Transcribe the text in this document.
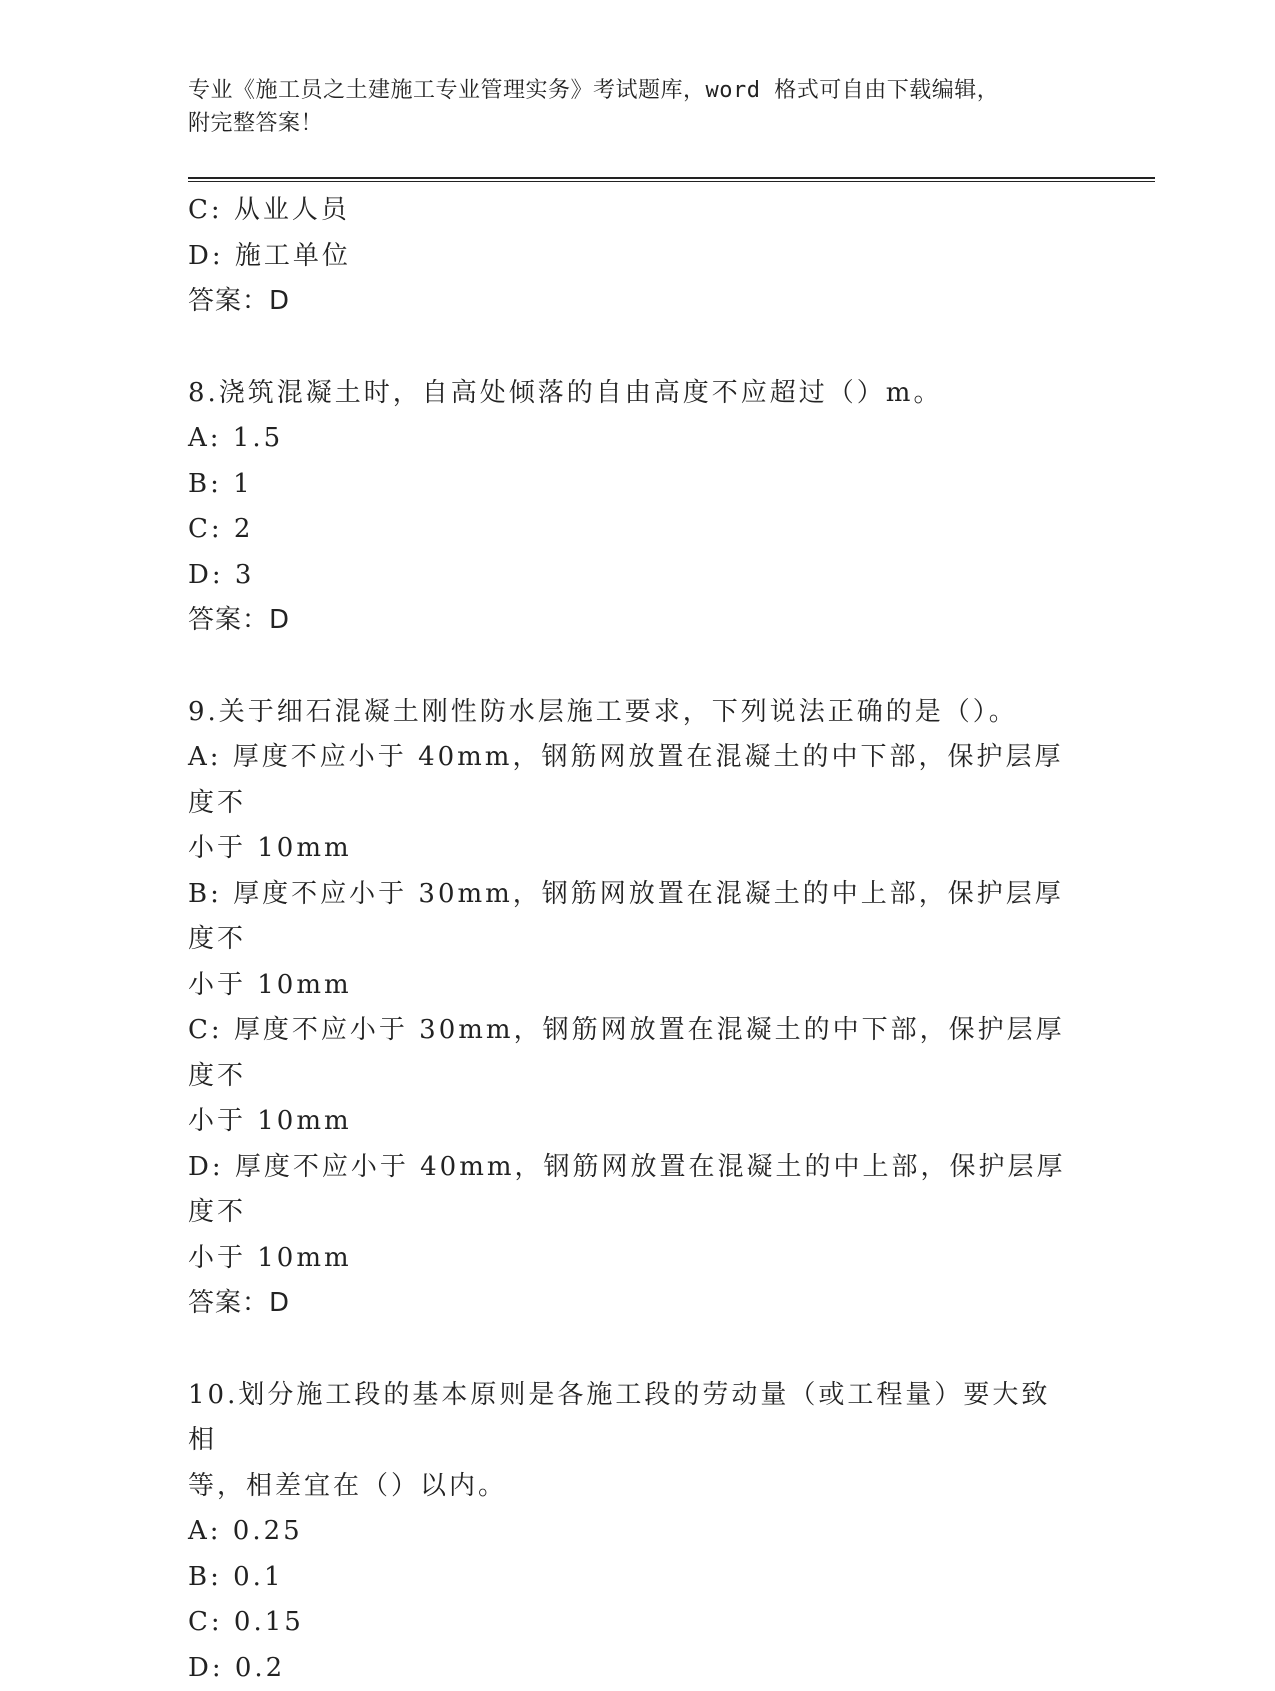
专业《施工员之土建施工专业管理实务》考试题库，word 格式可自由下载编辑，
附完整答案！
C: 从业人员
D: 施工单位
答案：D
8.浇筑混凝土时，自高处倾落的自由高度不应超过（）m。
A: 1.5
B: 1
C: 2
D: 3
答案：D
9.关于细石混凝土刚性防水层施工要求，下列说法正确的是（）。
A: 厚度不应小于 40mm，钢筋网放置在混凝土的中下部，保护层厚度不
小于 10mm
B: 厚度不应小于 30mm，钢筋网放置在混凝土的中上部，保护层厚度不
小于 10mm
C: 厚度不应小于 30mm，钢筋网放置在混凝土的中下部，保护层厚度不
小于 10mm
D: 厚度不应小于 40mm，钢筋网放置在混凝土的中上部，保护层厚度不
小于 10mm
答案：D
10.划分施工段的基本原则是各施工段的劳动量（或工程量）要大致相
等，相差宜在（）以内。
A: 0.25
B: 0.1
C: 0.15
D: 0.2
